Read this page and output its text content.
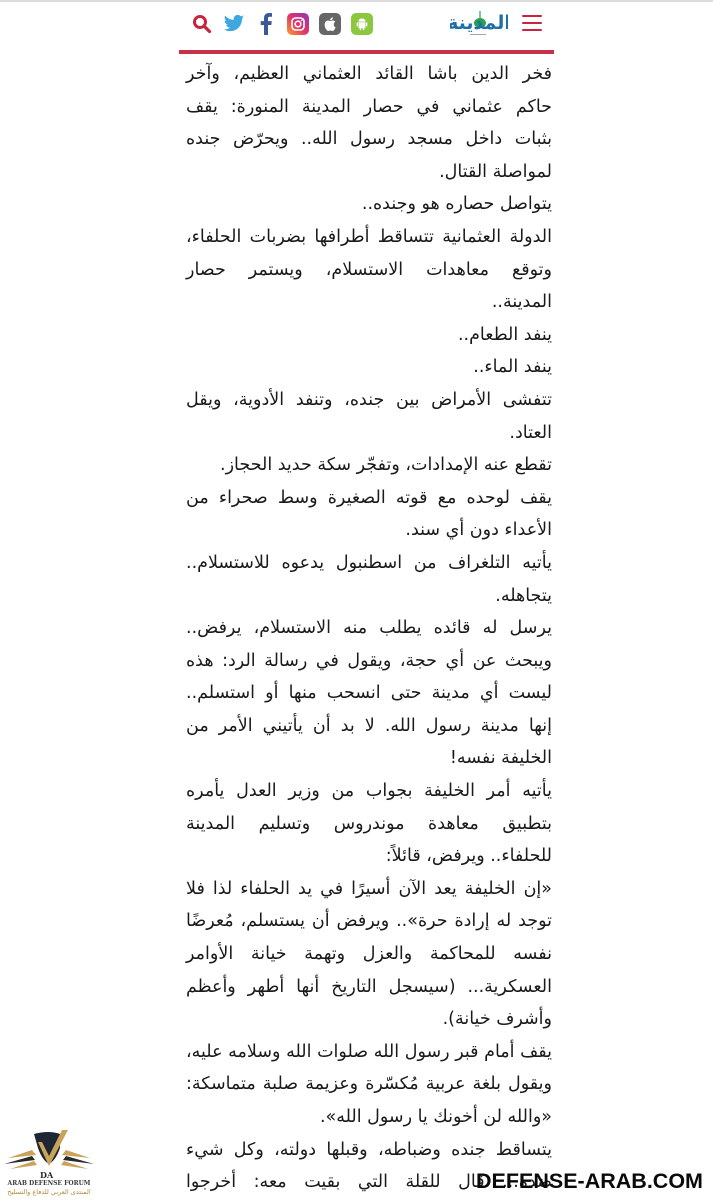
المدينة
فخر الدين باشا القائد العثماني العظيم، وآخر
حاكم عثماني في حصار المدينة المنورة: يقف
بثبات داخل مسجد رسول الله.. ويحرّض جنده
لمواصلة القتال.
يتواصل حصاره هو وجنده..
الدولة العثمانية تتساقط أطرافها بضربات الحلفاء،
وتوقع معاهدات الاستسلام، ويستمر حصار
المدينة..
ينفد الطعام..
ينفد الماء..
تتفشى الأمراض بين جنده، وتنفد الأدوية، ويقل
العتاد.
تقطع عنه الإمدادات، وتفجّر سكة حديد الحجاز.
يقف لوحده مع قوته الصغيرة وسط صحراء من
الأعداء دون أي سند.
يأتيه التلغراف من اسطنبول يدعوه للاستسلام..
يتجاهله.
يرسل له قائده يطلب منه الاستسلام، يرفض..
ويبحث عن أي حجة، ويقول في رسالة الرد: هذه
ليست أي مدينة حتى انسحب منها أو استسلم..
إنها مدينة رسول الله. لا بد أن يأتيني الأمر من
الخليفة نفسه!
يأتيه أمر الخليفة بجواب من وزير العدل يأمره
بتطبيق معاهدة موندروس وتسليم المدينة
للحلفاء.. ويرفض، قائلاً:
«إن الخليفة يعد الآن أسيرًا في يد الحلفاء لذا فلا
توجد له إرادة حرة».. ويرفض أن يستسلم، مُعرضًا
نفسه للمحاكمة والعزل وتهمة خيانة الأوامر
العسكرية... (سيسجل التاريخ أنها أطهر وأعظم
وأشرف خيانة).
يقف أمام قبر رسول الله صلوات الله وسلامه عليه،
ويقول بلغة عربية مُكسّرة وعزيمة صلبة متماسكة:
«والله لن أخونك يا رسول الله».
يتساقط جنده وضباطه، وقبلها دولته، وكل شيء
ضده... قال للقلة التي بقيت معه: أخرجوا
DA
ARAB DEFENSE FORUM
المنتدى العربي للدفاع والتسليح	DEFENSE-ARAB.COM
